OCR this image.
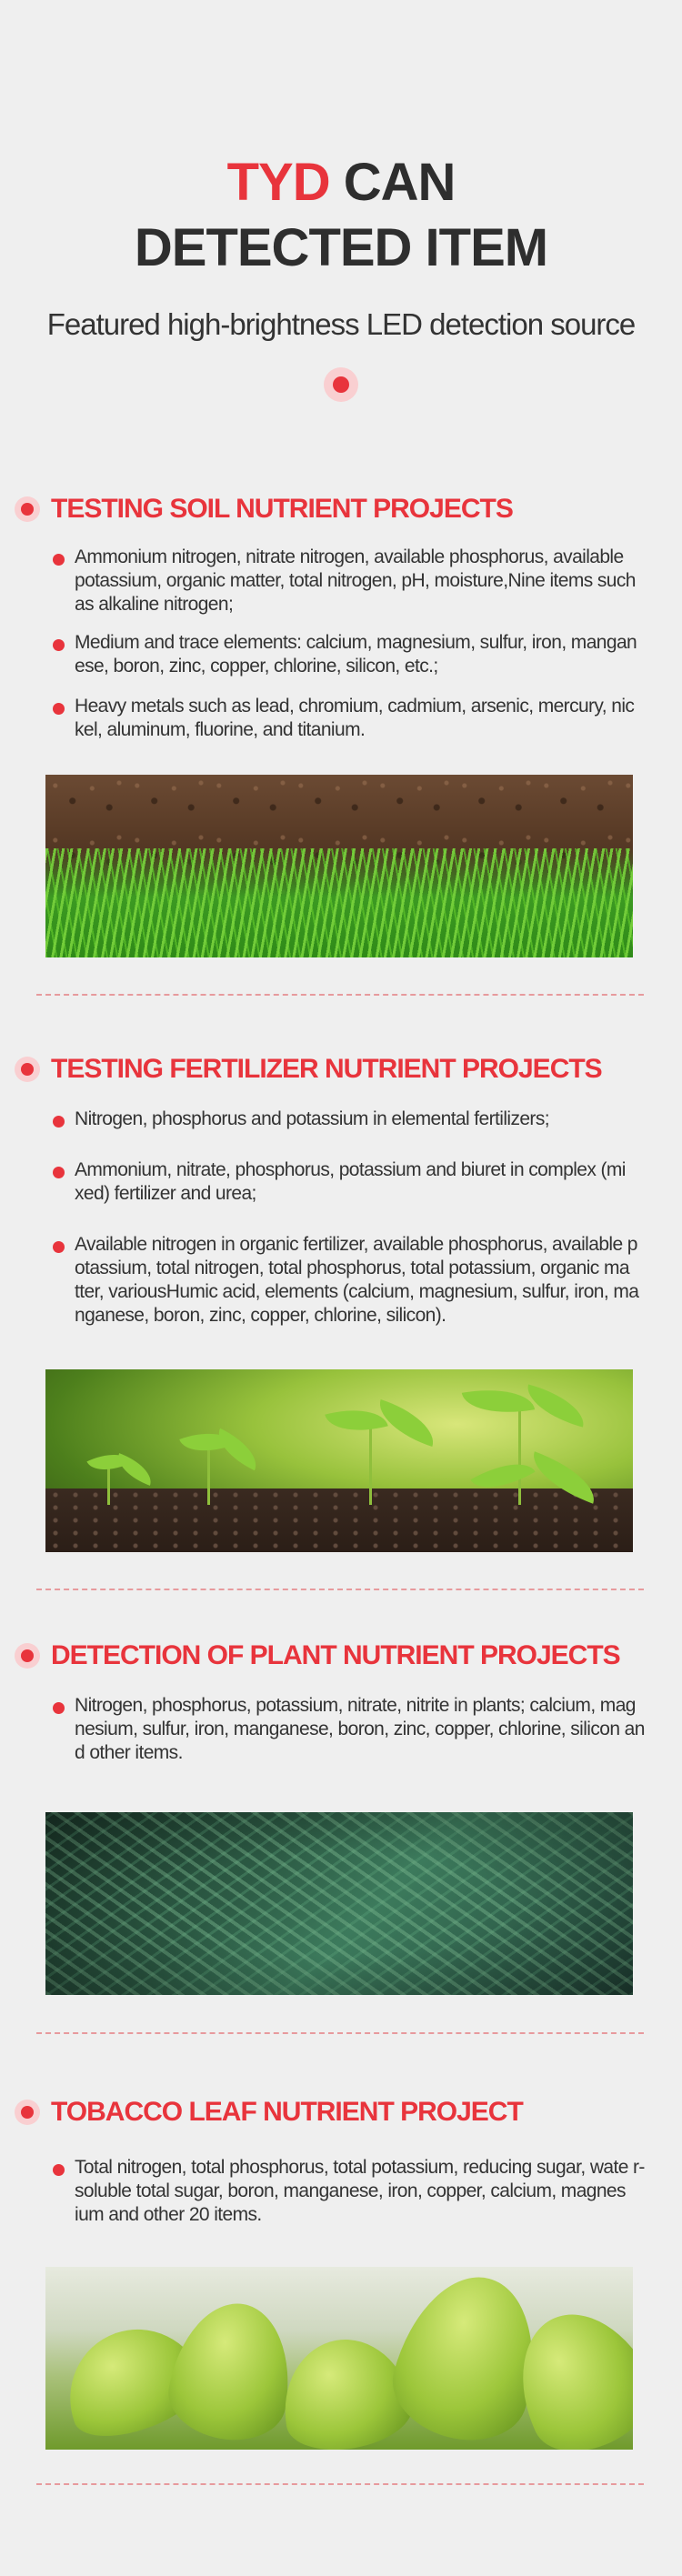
TYD CAN
DETECTED ITEM
Featured high-brightness LED detection source
TESTING SOIL NUTRIENT PROJECTS
Ammonium nitrogen, nitrate nitrogen, available phosphorus, available potassium, organic matter, total nitrogen, pH, moisture,Nine items such as alkaline nitrogen;
Medium and trace elements: calcium, magnesium, sulfur, iron, mangan ese, boron, zinc, copper, chlorine, silicon, etc.;
Heavy metals such as lead, chromium, cadmium, arsenic, mercury, nic kel, aluminum, fluorine, and titanium.
TESTING FERTILIZER NUTRIENT PROJECTS
Nitrogen, phosphorus and potassium in elemental fertilizers;
Ammonium, nitrate, phosphorus, potassium and biuret in complex (mi xed) fertilizer and urea;
Available nitrogen in organic fertilizer, available phosphorus, available p otassium, total nitrogen, total phosphorus, total potassium, organic ma tter, variousHumic acid, elements (calcium, magnesium, sulfur, iron, ma nganese, boron, zinc, copper, chlorine, silicon).
DETECTION OF PLANT NUTRIENT PROJECTS
Nitrogen, phosphorus, potassium, nitrate, nitrite in plants; calcium, mag nesium, sulfur, iron, manganese, boron, zinc, copper, chlorine, silicon an d other items.
TOBACCO LEAF NUTRIENT PROJECT
Total nitrogen, total phosphorus, total potassium, reducing sugar, wate r-soluble total sugar, boron, manganese, iron, copper, calcium, magnes ium and other 20 items.
